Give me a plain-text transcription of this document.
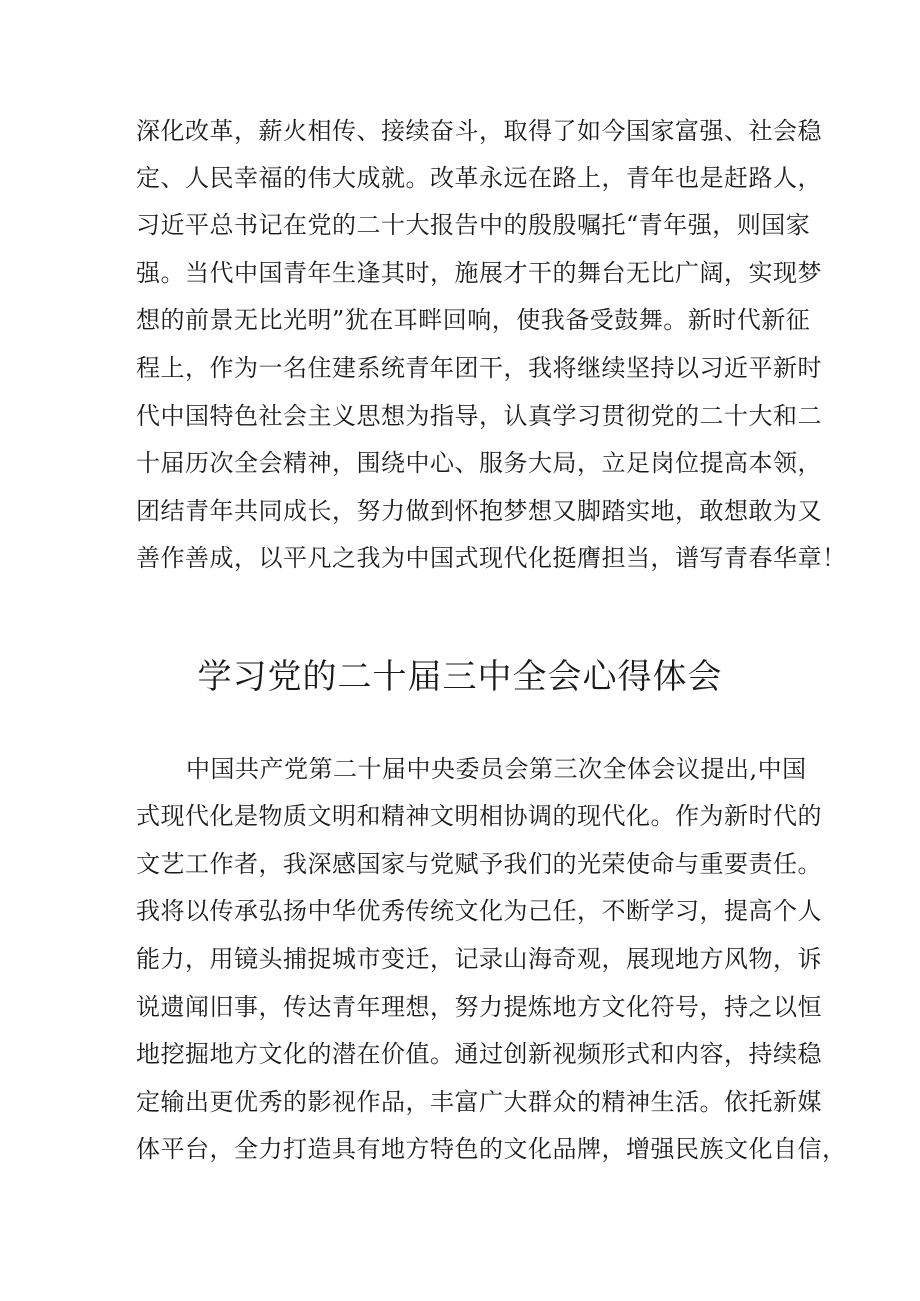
深化改革，薪火相传、接续奋斗，取得了如今国家富强、社会稳
定、人民幸福的伟大成就。改革永远在路上，青年也是赶路人，
习近平总书记在党的二十大报告中的殷殷嘱托“青年强，则国家
强。当代中国青年生逢其时，施展才干的舞台无比广阔，实现梦
想的前景无比光明”犹在耳畔回响，使我备受鼓舞。新时代新征
程上，作为一名住建系统青年团干，我将继续坚持以习近平新时
代中国特色社会主义思想为指导，认真学习贯彻党的二十大和二
十届历次全会精神，围绕中心、服务大局，立足岗位提高本领，
团结青年共同成长，努力做到怀抱梦想又脚踏实地，敢想敢为又
善作善成，以平凡之我为中国式现代化挺膺担当，谱写青春华章！
学习党的二十届三中全会心得体会
中国共产党第二十届中央委员会第三次全体会议提出,中国
式现代化是物质文明和精神文明相协调的现代化。作为新时代的
文艺工作者，我深感国家与党赋予我们的光荣使命与重要责任。
我将以传承弘扬中华优秀传统文化为己任，不断学习，提高个人
能力，用镜头捕捉城市变迁，记录山海奇观，展现地方风物，诉
说遗闻旧事，传达青年理想，努力提炼地方文化符号，持之以恒
地挖掘地方文化的潜在价值。通过创新视频形式和内容，持续稳
定输出更优秀的影视作品，丰富广大群众的精神生活。依托新媒
体平台，全力打造具有地方特色的文化品牌，增强民族文化自信，
